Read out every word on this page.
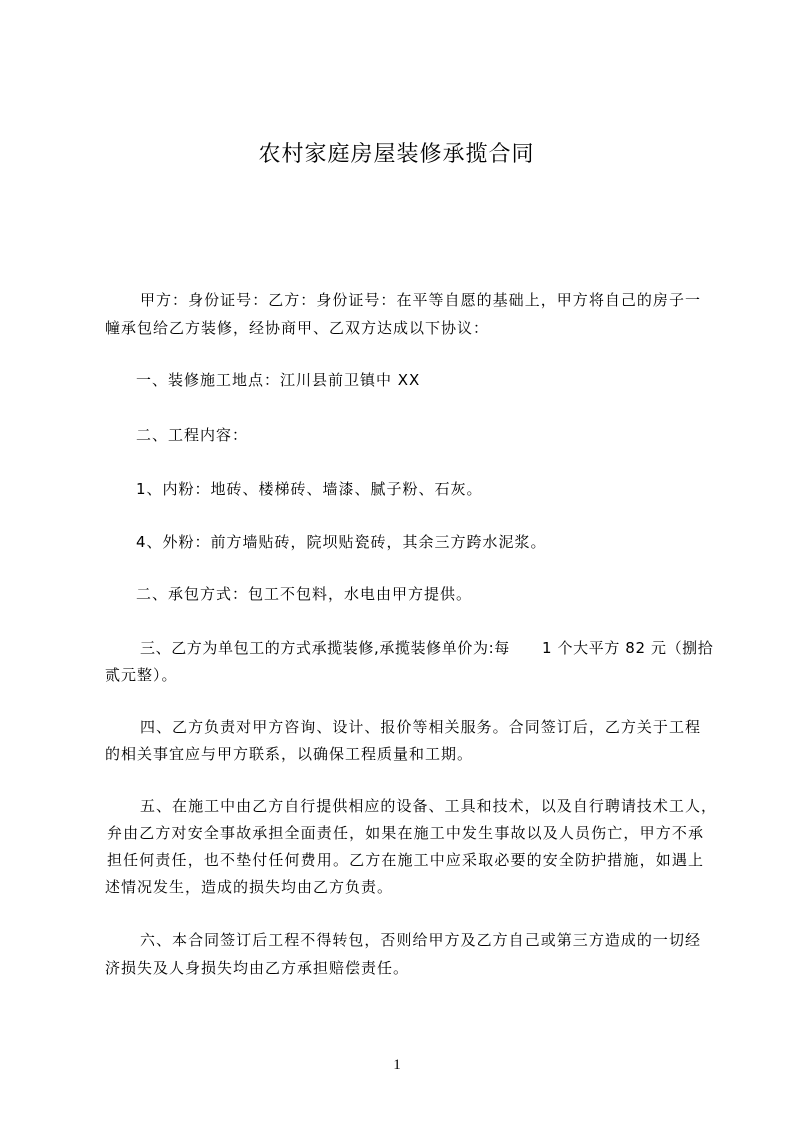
农村家庭房屋装修承揽合同
甲方：身份证号：乙方：身份证号：在平等自愿的基础上，甲方将自己的房子一
幢承包给乙方装修，经协商甲、乙双方达成以下协议：
一、装修施工地点：江川县前卫镇中 XX
二、工程内容：
1、内粉：地砖、楼梯砖、墙漆、腻子粉、石灰。
4、外粉：前方墙贴砖，院坝贴瓷砖，其余三方跨水泥浆。
二、承包方式：包工不包料，水电由甲方提供。
三、乙方为单包工的方式承揽装修,承揽装修单价为:每      1 个大平方 82 元（捌拾
贰元整）。
四、乙方负责对甲方咨询、设计、报价等相关服务。合同签订后，乙方关于工程
的相关事宜应与甲方联系，以确保工程质量和工期。
五、在施工中由乙方自行提供相应的设备、工具和技术，以及自行聘请技术工人，
弁由乙方对安全事故承担全面责任，如果在施工中发生事故以及人员伤亡，甲方不承
担任何责任，也不垫付任何费用。乙方在施工中应采取必要的安全防护措施，如遇上
述情况发生，造成的损失均由乙方负责。
六、本合同签订后工程不得转包，否则给甲方及乙方自己或第三方造成的一切经
济损失及人身损失均由乙方承担赔偿责任。
1
